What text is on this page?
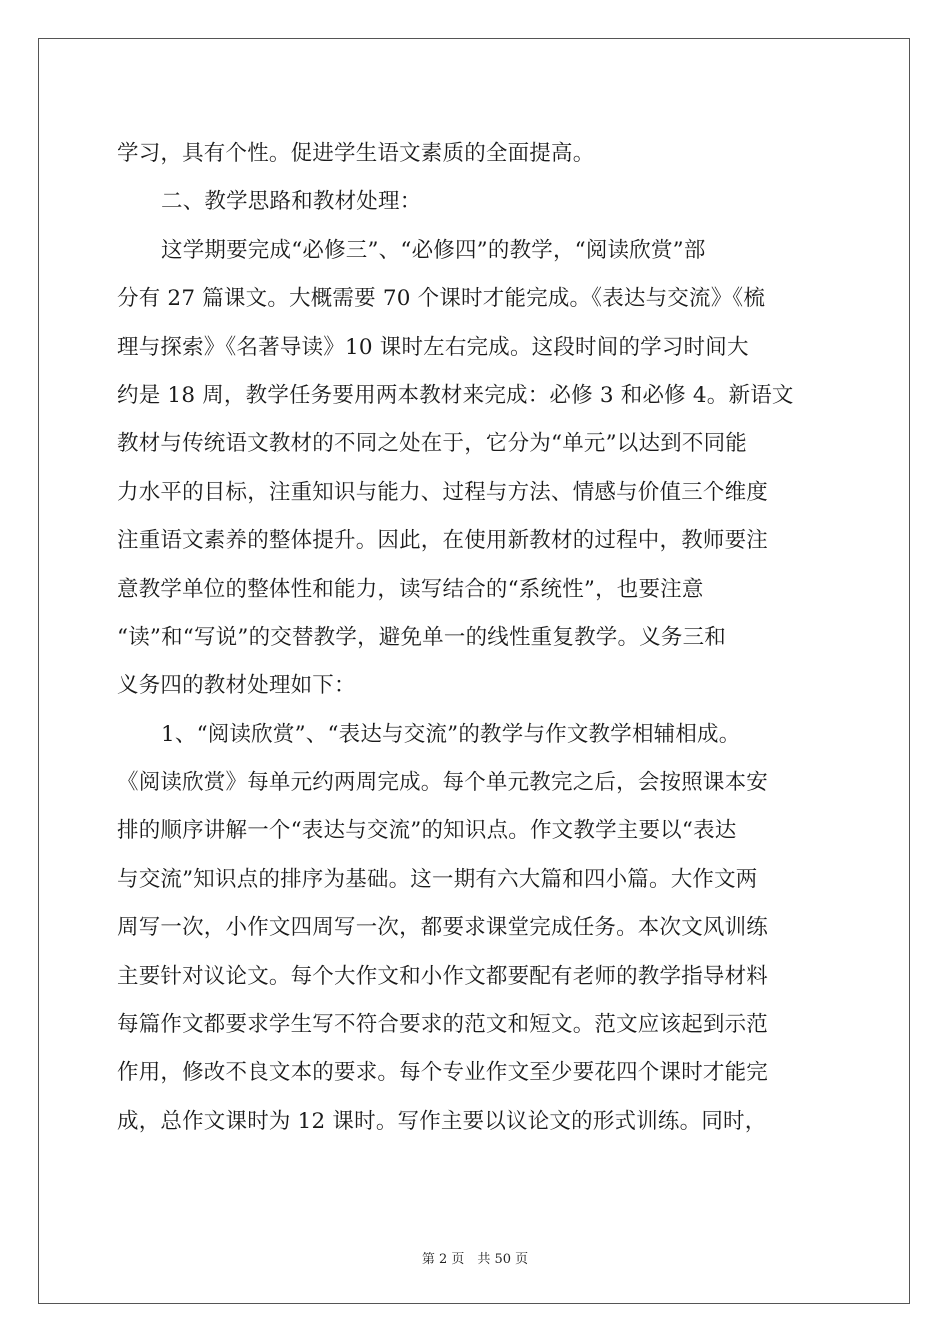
学习，具有个性。促进学生语文素质的全面提高。
二、教学思路和教材处理：
这学期要完成“必修三”、“必修四”的教学，“阅读欣赏”部
分有 27 篇课文。大概需要 70 个课时才能完成。《表达与交流》《梳
理与探索》《名著导读》10 课时左右完成。这段时间的学习时间大
约是 18 周，教学任务要用两本教材来完成：必修 3 和必修 4。新语文
教材与传统语文教材的不同之处在于，它分为“单元”以达到不同能
力水平的目标，注重知识与能力、过程与方法、情感与价值三个维度
注重语文素养的整体提升。因此，在使用新教材的过程中，教师要注
意教学单位的整体性和能力，读写结合的“系统性”，也要注意
“读”和“写说”的交替教学，避免单一的线性重复教学。义务三和
义务四的教材处理如下：
1、“阅读欣赏”、“表达与交流”的教学与作文教学相辅相成。
《阅读欣赏》每单元约两周完成。每个单元教完之后，会按照课本安
排的顺序讲解一个“表达与交流”的知识点。作文教学主要以“表达
与交流”知识点的排序为基础。这一期有六大篇和四小篇。大作文两
周写一次，小作文四周写一次，都要求课堂完成任务。本次文风训练
主要针对议论文。每个大作文和小作文都要配有老师的教学指导材料
每篇作文都要求学生写不符合要求的范文和短文。范文应该起到示范
作用，修改不良文本的要求。每个专业作文至少要花四个课时才能完
成，总作文课时为 12 课时。写作主要以议论文的形式训练。同时，
第 2 页　共 50 页
